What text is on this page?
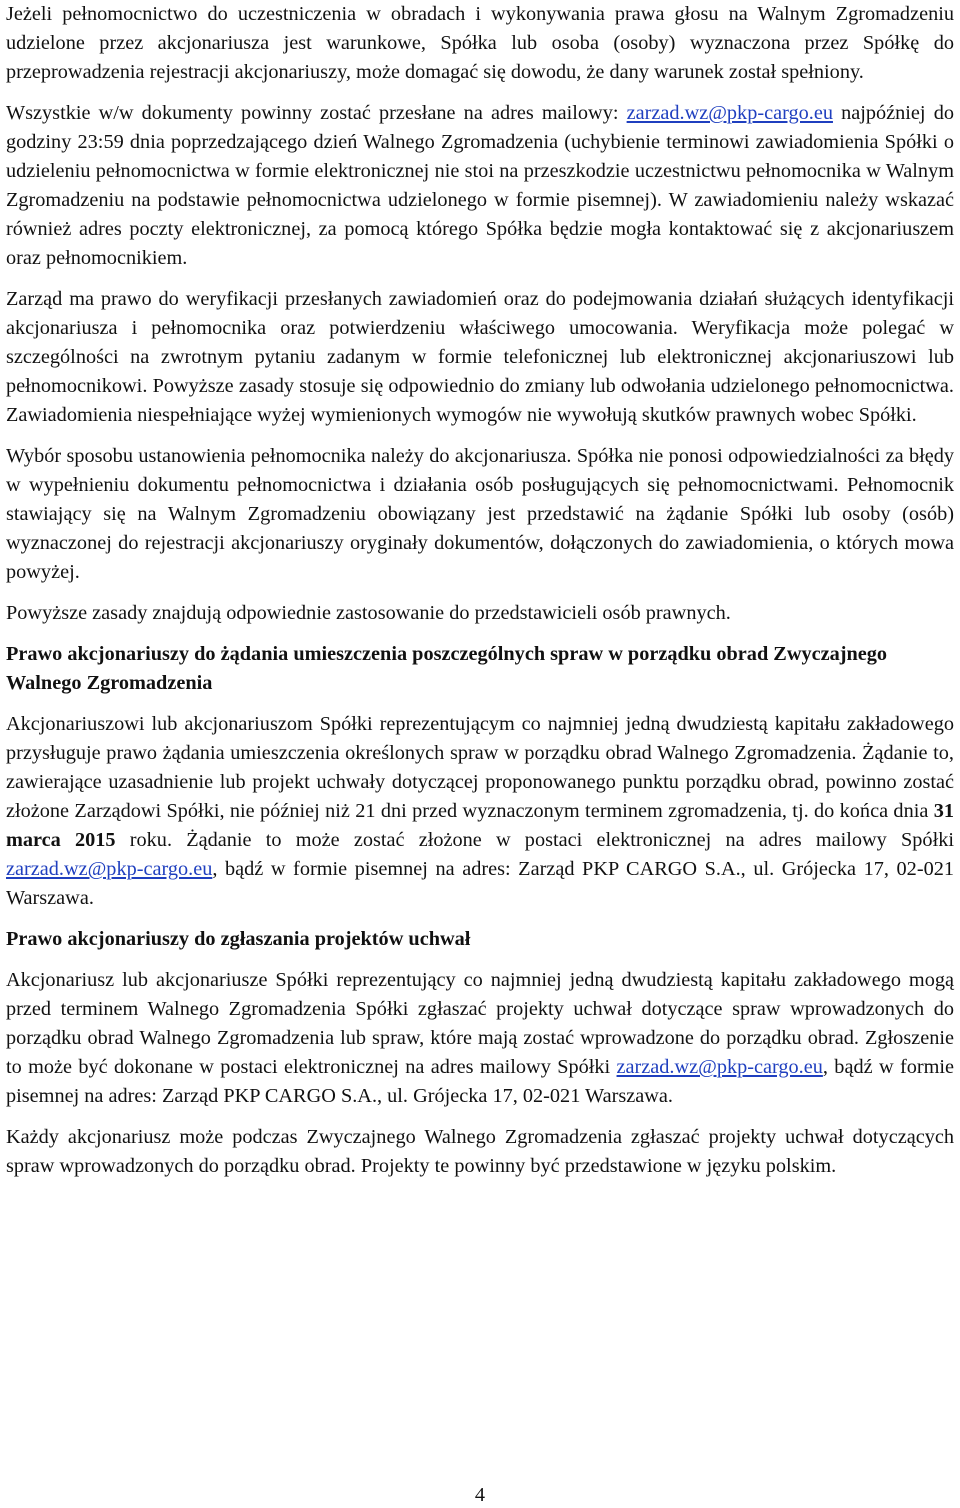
Jeżeli pełnomocnictwo do uczestniczenia w obradach i wykonywania prawa głosu na Walnym Zgromadzeniu udzielone przez akcjonariusza jest warunkowe, Spółka lub osoba (osoby) wyznaczona przez Spółkę do przeprowadzenia rejestracji akcjonariuszy, może domagać się dowodu, że dany warunek został spełniony.

Wszystkie w/w dokumenty powinny zostać przesłane na adres mailowy: zarzad.wz@pkp-cargo.eu najpóźniej do godziny 23:59 dnia poprzedzającego dzień Walnego Zgromadzenia (uchybienie terminowi zawiadomienia Spółki o udzieleniu pełnomocnictwa w formie elektronicznej nie stoi na przeszkodzie uczestnictwu pełnomocnika w Walnym Zgromadzeniu na podstawie pełnomocnictwa udzielonego w formie pisemnej). W zawiadomieniu należy wskazać również adres poczty elektronicznej, za pomocą którego Spółka będzie mogła kontaktować się z akcjonariuszem oraz pełnomocnikiem.

Zarząd ma prawo do weryfikacji przesłanych zawiadomień oraz do podejmowania działań służących identyfikacji akcjonariusza i pełnomocnika oraz potwierdzeniu właściwego umocowania. Weryfikacja może polegać w szczególności na zwrotnym pytaniu zadanym w formie telefonicznej lub elektronicznej akcjonariuszowi lub pełnomocnikowi. Powyższe zasady stosuje się odpowiednio do zmiany lub odwołania udzielonego pełnomocnictwa. Zawiadomienia niespełniające wyżej wymienionych wymogów nie wywołują skutków prawnych wobec Spółki.

Wybór sposobu ustanowienia pełnomocnika należy do akcjonariusza. Spółka nie ponosi odpowiedzialności za błędy w wypełnieniu dokumentu pełnomocnictwa i działania osób posługujących się pełnomocnictwami. Pełnomocnik stawiający się na Walnym Zgromadzeniu obowiązany jest przedstawić na żądanie Spółki lub osoby (osób) wyznaczonej do rejestracji akcjonariuszy oryginały dokumentów, dołączonych do zawiadomienia, o których mowa powyżej.

Powyższe zasady znajdują odpowiednie zastosowanie do przedstawicieli osób prawnych.

Prawo akcjonariuszy do żądania umieszczenia poszczególnych spraw w porządku obrad Zwyczajnego Walnego Zgromadzenia

Akcjonariuszowi lub akcjonariuszom Spółki reprezentującym co najmniej jedną dwudziestą kapitału zakładowego przysługuje prawo żądania umieszczenia określonych spraw w porządku obrad Walnego Zgromadzenia. Żądanie to, zawierające uzasadnienie lub projekt uchwały dotyczącej proponowanego punktu porządku obrad, powinno zostać złożone Zarządowi Spółki, nie później niż 21 dni przed wyznaczonym terminem zgromadzenia, tj. do końca dnia 31 marca 2015 roku. Żądanie to może zostać złożone w postaci elektronicznej na adres mailowy Spółki zarzad.wz@pkp-cargo.eu, bądź w formie pisemnej na adres: Zarząd PKP CARGO S.A., ul. Grójecka 17, 02-021 Warszawa.

Prawo akcjonariuszy do zgłaszania projektów uchwał

Akcjonariusz lub akcjonariusze Spółki reprezentujący co najmniej jedną dwudziestą kapitału zakładowego mogą przed terminem Walnego Zgromadzenia Spółki zgłaszać projekty uchwał dotyczące spraw wprowadzonych do porządku obrad Walnego Zgromadzenia lub spraw, które mają zostać wprowadzone do porządku obrad. Zgłoszenie to może być dokonane w postaci elektronicznej na adres mailowy Spółki zarzad.wz@pkp-cargo.eu, bądź w formie pisemnej na adres: Zarząd PKP CARGO S.A., ul. Grójecka 17, 02-021 Warszawa.

Każdy akcjonariusz może podczas Zwyczajnego Walnego Zgromadzenia zgłaszać projekty uchwał dotyczących spraw wprowadzonych do porządku obrad. Projekty te powinny być przedstawione w języku polskim.

4
